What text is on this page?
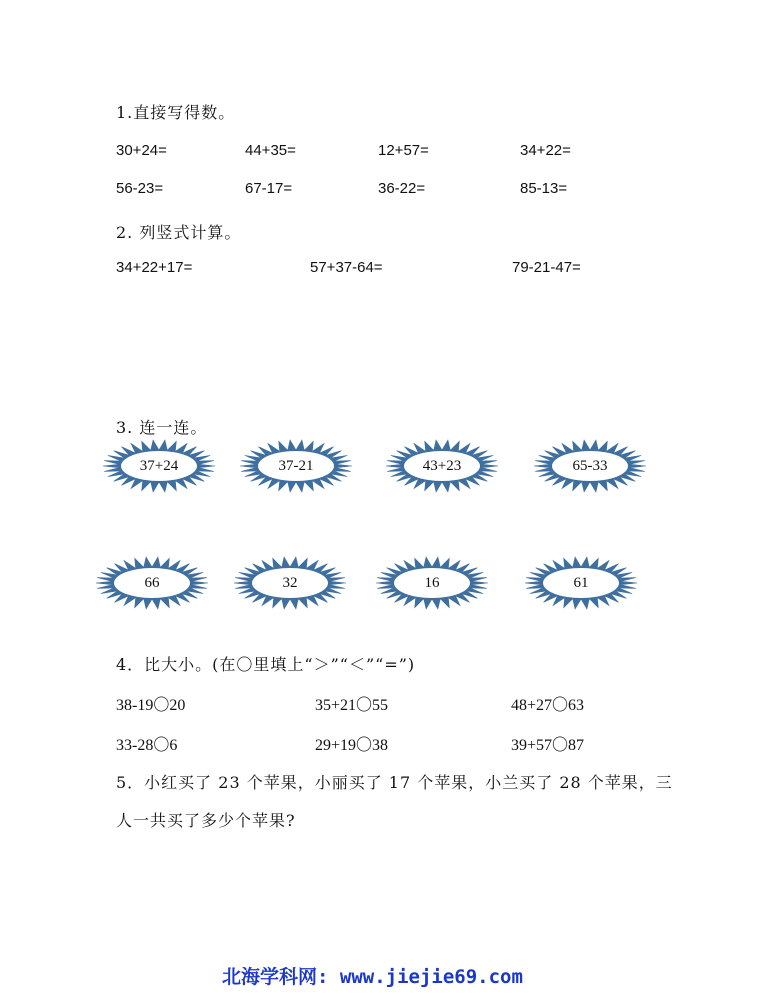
1.直接写得数。
30+24=	44+35=	12+57=	34+22=
56-23=	67-17=	36-22=	85-13=
2. 列竖式计算。
34+22+17=	57+37-64=	79-21-47=
3. 连一连。
37+24	37-21	43+23	65-33
66	32	16	61
4．比大小。(在〇里填上“＞”“＜”“=”)
38-19〇20	35+21〇55	48+27〇63
33-28〇6	29+19〇38	39+57〇87
5．小红买了 23 个苹果，小丽买了 17 个苹果，小兰买了 28 个苹果，三
人一共买了多少个苹果?
北海学科网: www.jiejie69.com
